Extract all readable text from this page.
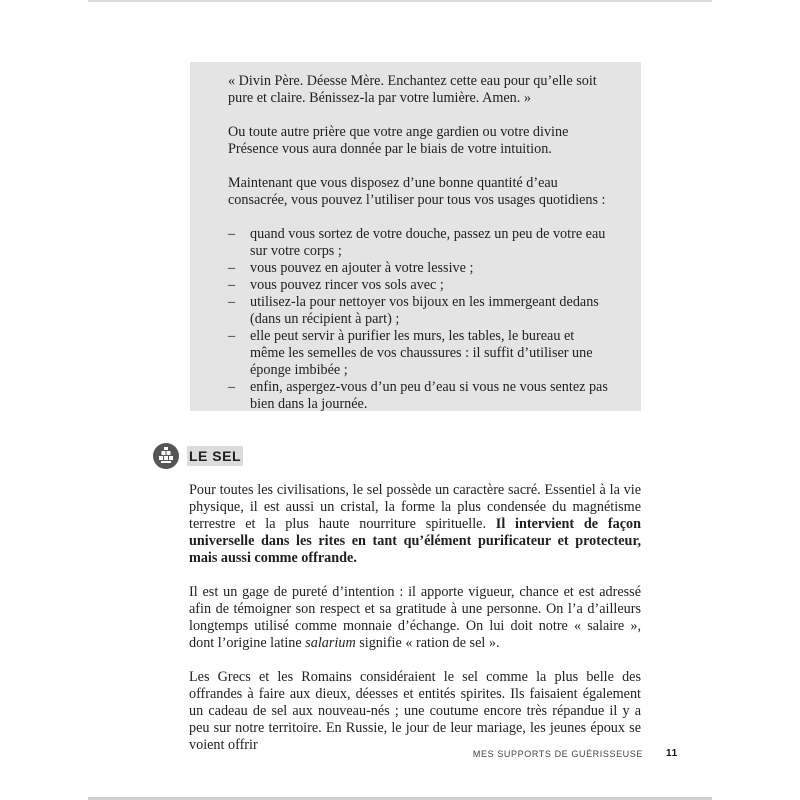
« Divin Père. Déesse Mère. Enchantez cette eau pour qu’elle soit pure et claire. Bénissez-la par votre lumière. Amen. »

Ou toute autre prière que votre ange gardien ou votre divine Présence vous aura donnée par le biais de votre intuition.

Maintenant que vous disposez d’une bonne quantité d’eau consacrée, vous pouvez l’utiliser pour tous vos usages quotidiens :

– quand vous sortez de votre douche, passez un peu de votre eau sur votre corps ;
– vous pouvez en ajouter à votre lessive ;
– vous pouvez rincer vos sols avec ;
– utilisez-la pour nettoyer vos bijoux en les immergeant dedans (dans un récipient à part) ;
– elle peut servir à purifier les murs, les tables, le bureau et même les semelles de vos chaussures : il suffit d’utiliser une éponge imbibée ;
– enfin, aspergez-vous d’un peu d’eau si vous ne vous sentez pas bien dans la journée.
LE SEL

Pour toutes les civilisations, le sel possède un caractère sacré. Essentiel à la vie physique, il est aussi un cristal, la forme la plus condensée du magnétisme terrestre et la plus haute nourriture spirituelle. Il intervient de façon universelle dans les rites en tant qu’élément purificateur et protecteur, mais aussi comme offrande.

Il est un gage de pureté d’intention : il apporte vigueur, chance et est adressé afin de témoigner son respect et sa gratitude à une personne. On l’a d’ailleurs longtemps utilisé comme monnaie d’échange. On lui doit notre « salaire », dont l’origine latine salarium signifie « ration de sel ».

Les Grecs et les Romains considéraient le sel comme la plus belle des offrandes à faire aux dieux, déesses et entités spirites. Ils faisaient également un cadeau de sel aux nouveau-nés ; une coutume encore très répandue il y a peu sur notre territoire. En Russie, le jour de leur mariage, les jeunes époux se voient offrir

MES SUPPORTS DE GUÉRISSEUSE 11
